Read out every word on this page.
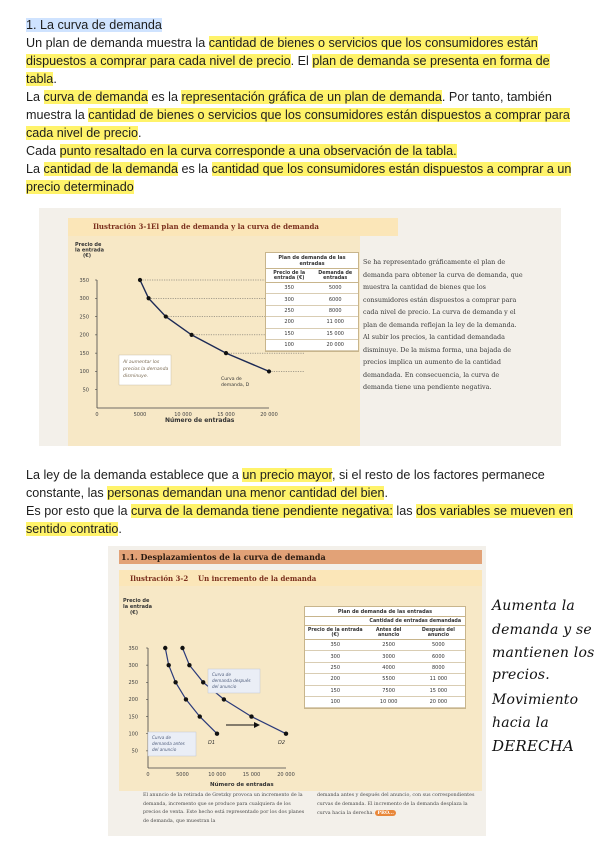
1. La curva de demanda

Un plan de demanda muestra la cantidad de bienes o servicios que los consumidores están dispuestos a comprar para cada nivel de precio. El plan de demanda se presenta en forma de tabla.

La curva de demanda es la representación gráfica de un plan de demanda. Por tanto, también muestra la cantidad de bienes o servicios que los consumidores están dispuestos a comprar para cada nivel de precio.

Cada punto resaltado en la curva corresponde a una observación de la tabla.

La cantidad de la demanda es la cantidad que los consumidores están dispuestos a comprar a un precio determinado

Ilustración 3-1 El plan de demanda y la curva de demanda
Precio de la entrada (€)
50
100
150
200
250
300
350
0	5000	10 000	15 000	20 000
Número de entradas
Al aumentar los precios la demanda disminuye.
Curva de demanda, D
Plan de demanda de las entradas
Precio de la entrada (€)	Demanda de entradas
350	5000
300	6000
250	8000
200	11 000
150	15 000
100	20 000
Se ha representado gráficamente el plan de demanda para obtener la curva de demanda, que muestra la cantidad de bienes que los consumidores están dispuestos a comprar para cada nivel de precio. La curva de demanda y el plan de demanda reflejan la ley de la demanda. Al subir los precios, la cantidad demandada disminuye. De la misma forma, una bajada de precios implica un aumento de la cantidad demandada. En consecuencia, la curva de demanda tiene una pendiente negativa.

La ley de la demanda establece que a un precio mayor, si el resto de los factores permanece constante, las personas demandan una menor cantidad del bien.

Es por esto que la curva de la demanda tiene pendiente negativa: las dos variables se mueven en sentido contratio.

1.1. Desplazamientos de la curva de demanda
Ilustración 3-2 Un incremento de la demanda
Precio de la entrada (€)
50
100
150
200
250
300
350
0	5000	10 000	15 000	20 000
Número de entradas
Curva de demanda después del anuncio
Curva de demanda antes del anuncio
D1	D2
Plan de demanda de las entradas
	Cantidad de entradas demandada	
Precio de la entrada (€)	Antes del anuncio	Después del anuncio
350	2500	5000
300	3000	6000
250	4000	8000
200	5500	11 000
150	7500	15 000
100	10 000	20 000
El anuncio de la retirada de Gretzky provoca un incremento de la demanda, incremento que se produce para cualquiera de los precios de venta. Este hecho está representado por los dos planes de demanda, que muestran la
demanda antes y después del anuncio, con sus correspondientes curvas de demanda. El incremento de la demanda desplaza la curva hacia la derecha. PRO...
Aumenta la
demanda y se
mantienen los
precios.
Movimiento
hacia la
DERECHA
